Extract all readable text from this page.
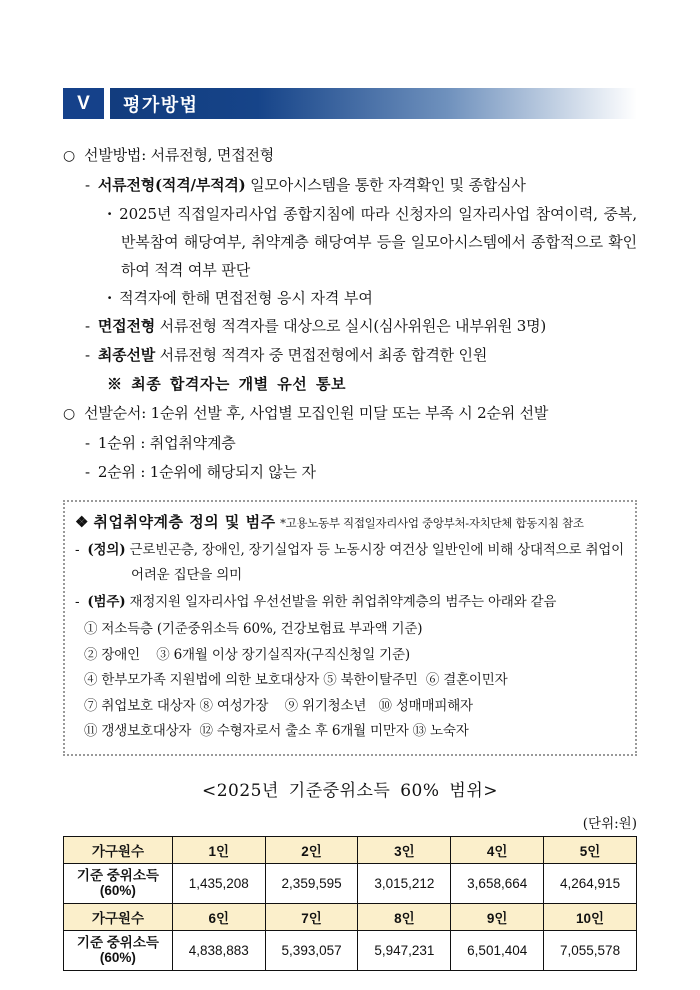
V	평가방법
○ 선발방법: 서류전형, 면접전형
- 서류전형(적격/부적격) 일모아시스템을 통한 자격확인 및 종합심사
· 2025년 직접일자리사업 종합지침에 따라 신청자의 일자리사업 참여이력, 중복, 반복참여 해당여부, 취약계층 해당여부 등을 일모아시스템에서 종합적으로 확인하여 적격 여부 판단
· 적격자에 한해 면접전형 응시 자격 부여
- 면접전형 서류전형 적격자를 대상으로 실시(심사위원은 내부위원 3명)
- 최종선발 서류전형 적격자 중 면접전형에서 최종 합격한 인원
※ 최종 합격자는 개별 유선 통보
○ 선발순서: 1순위 선발 후, 사업별 모집인원 미달 또는 부족 시 2순위 선발
- 1순위 : 취업취약계층
- 2순위 : 1순위에 해당되지 않는 자
❖ 취업취약계층 정의 및 범주 *고용노동부 직접일자리사업 중앙부처-자치단체 합동지침 참조
- (정의) 근로빈곤층, 장애인, 장기실업자 등 노동시장 여건상 일반인에 비해 상대적으로 취업이 어려운 집단을 의미
- (범주) 재정지원 일자리사업 우선선발을 위한 취업취약계층의 범주는 아래와 같음
① 저소득층 (기준중위소득 60%, 건강보험료 부과액 기준)
② 장애인    ③ 6개월 이상 장기실직자(구직신청일 기준)
④ 한부모가족 지원법에 의한 보호대상자 ⑤ 북한이탈주민  ⑥ 결혼이민자
⑦ 취업보호 대상자 ⑧ 여성가장    ⑨ 위기청소년   ⑩ 성매매피해자
⑪ 갱생보호대상자  ⑫ 수형자로서 출소 후 6개월 미만자 ⑬ 노숙자
<2025년 기준중위소득 60% 범위>
(단위:원)
가구원수	1인	2인	3인	4인	5인
기준 중위소득
(60%)	1,435,208	2,359,595	3,015,212	3,658,664	4,264,915
가구원수	6인	7인	8인	9인	10인
기준 중위소득
(60%)	4,838,883	5,393,057	5,947,231	6,501,404	7,055,578
